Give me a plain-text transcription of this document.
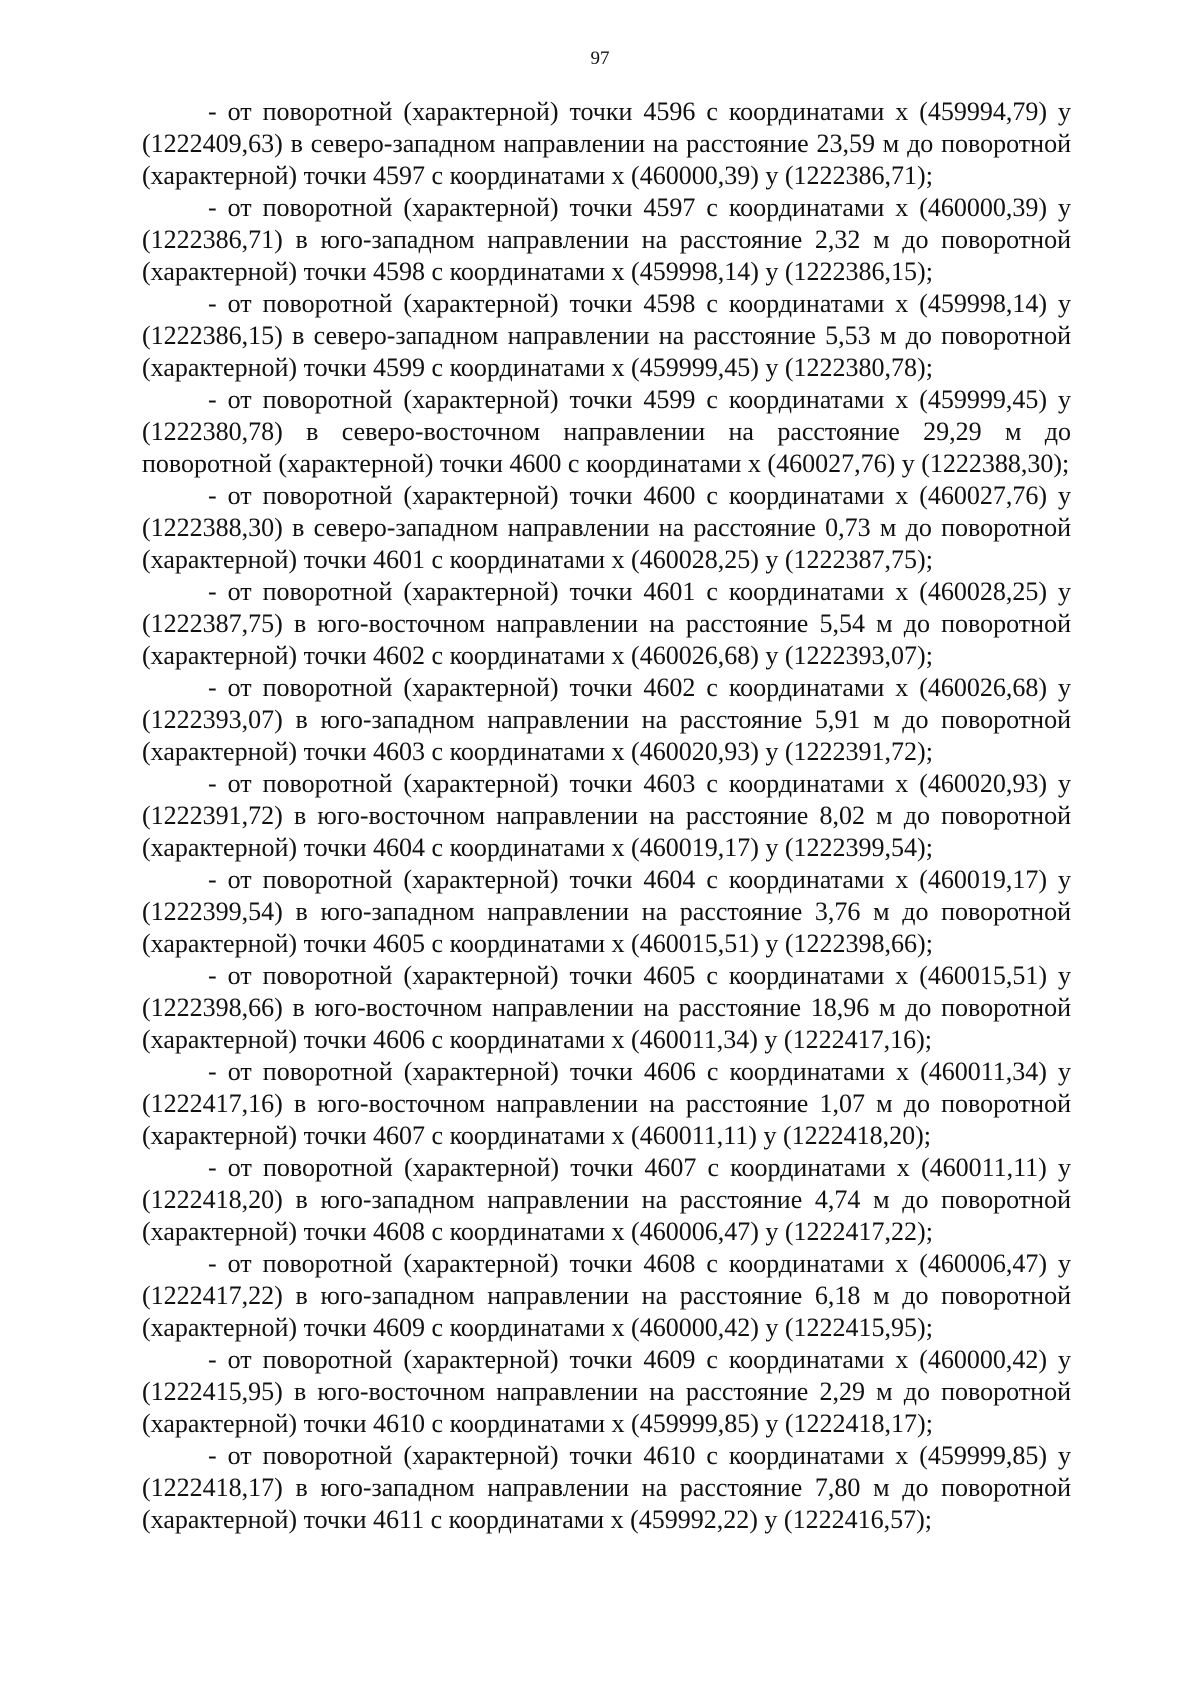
97

- от поворотной (характерной) точки 4596 с координатами х (459994,79) у (1222409,63) в северо-западном направлении на расстояние 23,59 м до поворотной (характерной) точки 4597 с координатами х (460000,39) у (1222386,71);

- от поворотной (характерной) точки 4597 с координатами х (460000,39) у (1222386,71) в юго-западном направлении на расстояние 2,32 м до поворотной (характерной) точки 4598 с координатами х (459998,14) у (1222386,15);

- от поворотной (характерной) точки 4598 с координатами х (459998,14) у (1222386,15) в северо-западном направлении на расстояние 5,53 м до поворотной (характерной) точки 4599 с координатами х (459999,45) у (1222380,78);

- от поворотной (характерной) точки 4599 с координатами х (459999,45) у (1222380,78) в северо-восточном направлении на расстояние 29,29 м до поворотной (характерной) точки 4600 с координатами х (460027,76) у (1222388,30);

- от поворотной (характерной) точки 4600 с координатами х (460027,76) у (1222388,30) в северо-западном направлении на расстояние 0,73 м до поворотной (характерной) точки 4601 с координатами х (460028,25) у (1222387,75);

- от поворотной (характерной) точки 4601 с координатами х (460028,25) у (1222387,75) в юго-восточном направлении на расстояние 5,54 м до поворотной (характерной) точки 4602 с координатами х (460026,68) у (1222393,07);

- от поворотной (характерной) точки 4602 с координатами х (460026,68) у (1222393,07) в юго-западном направлении на расстояние 5,91 м до поворотной (характерной) точки 4603 с координатами х (460020,93) у (1222391,72);

- от поворотной (характерной) точки 4603 с координатами х (460020,93) у (1222391,72) в юго-восточном направлении на расстояние 8,02 м до поворотной (характерной) точки 4604 с координатами х (460019,17) у (1222399,54);

- от поворотной (характерной) точки 4604 с координатами х (460019,17) у (1222399,54) в юго-западном направлении на расстояние 3,76 м до поворотной (характерной) точки 4605 с координатами х (460015,51) у (1222398,66);

- от поворотной (характерной) точки 4605 с координатами х (460015,51) у (1222398,66) в юго-восточном направлении на расстояние 18,96 м до поворотной (характерной) точки 4606 с координатами х (460011,34) у (1222417,16);

- от поворотной (характерной) точки 4606 с координатами х (460011,34) у (1222417,16) в юго-восточном направлении на расстояние 1,07 м до поворотной (характерной) точки 4607 с координатами х (460011,11) у (1222418,20);

- от поворотной (характерной) точки 4607 с координатами х (460011,11) у (1222418,20) в юго-западном направлении на расстояние 4,74 м до поворотной (характерной) точки 4608 с координатами х (460006,47) у (1222417,22);

- от поворотной (характерной) точки 4608 с координатами х (460006,47) у (1222417,22) в юго-западном направлении на расстояние 6,18 м до поворотной (характерной) точки 4609 с координатами х (460000,42) у (1222415,95);

- от поворотной (характерной) точки 4609 с координатами х (460000,42) у (1222415,95) в юго-восточном направлении на расстояние 2,29 м до поворотной (характерной) точки 4610 с координатами х (459999,85) у (1222418,17);

- от поворотной (характерной) точки 4610 с координатами х (459999,85) у (1222418,17) в юго-западном направлении на расстояние 7,80 м до поворотной (характерной) точки 4611 с координатами х (459992,22) у (1222416,57);
